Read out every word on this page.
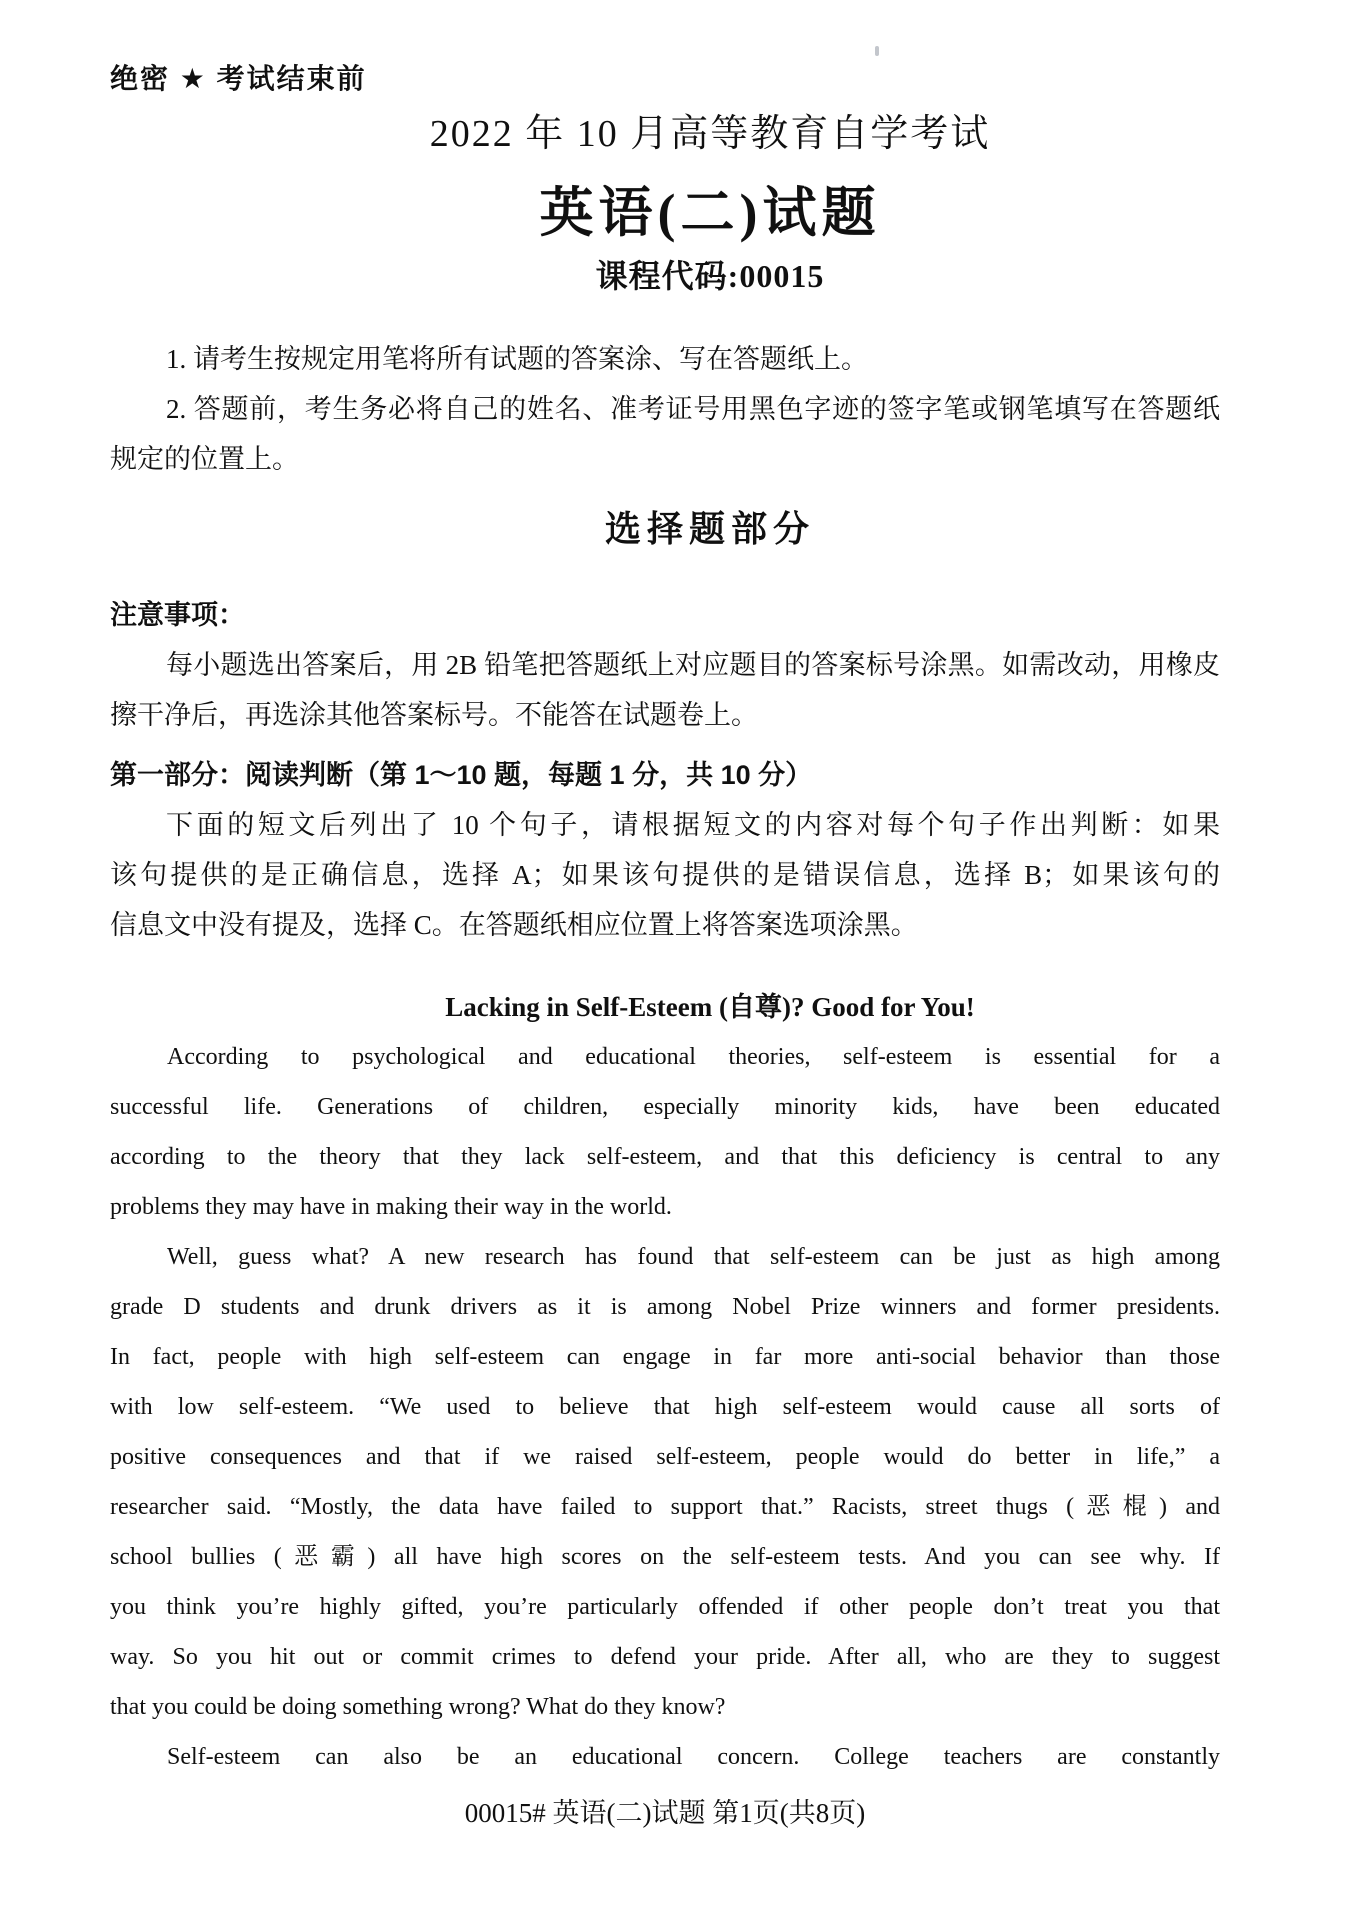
绝密 ★ 考试结束前
2022 年 10 月高等教育自学考试
英语(二)试题
课程代码:00015
1. 请考生按规定用笔将所有试题的答案涂、写在答题纸上。
2. 答题前，考生务必将自己的姓名、准考证号用黑色字迹的签字笔或钢笔填写在答题纸
规定的位置上。
选择题部分
注意事项：
每小题选出答案后，用 2B 铅笔把答题纸上对应题目的答案标号涂黑。如需改动，用橡皮
擦干净后，再选涂其他答案标号。不能答在试题卷上。
第一部分：阅读判断（第 1～10 题，每题 1 分，共 10 分）
下面的短文后列出了 10 个句子，请根据短文的内容对每个句子作出判断：如果
该句提供的是正确信息，选择 A；如果该句提供的是错误信息，选择 B；如果该句的
信息文中没有提及，选择 C。在答题纸相应位置上将答案选项涂黑。
Lacking in Self-Esteem (自尊)? Good for You!
According to psychological and educational theories, self-esteem is essential for a
successful life. Generations of children, especially minority kids, have been educated
according to the theory that they lack self-esteem, and that this deficiency is central to any
problems they may have in making their way in the world.
Well, guess what? A new research has found that self-esteem can be just as high among
grade D students and drunk drivers as it is among Nobel Prize winners and former presidents.
In fact, people with high self-esteem can engage in far more anti-social behavior than those
with low self-esteem. “We used to believe that high self-esteem would cause all sorts of
positive consequences and that if we raised self-esteem, people would do better in life,” a
researcher said. “Mostly, the data have failed to support that.” Racists, street thugs (恶棍) and
school bullies (恶霸) all have high scores on the self-esteem tests. And you can see why. If
you think you’re highly gifted, you’re particularly offended if other people don’t treat you that
way. So you hit out or commit crimes to defend your pride. After all, who are they to suggest
that you could be doing something wrong? What do they know?
Self-esteem can also be an educational concern. College teachers are constantly
00015# 英语(二)试题 第1页(共8页)
